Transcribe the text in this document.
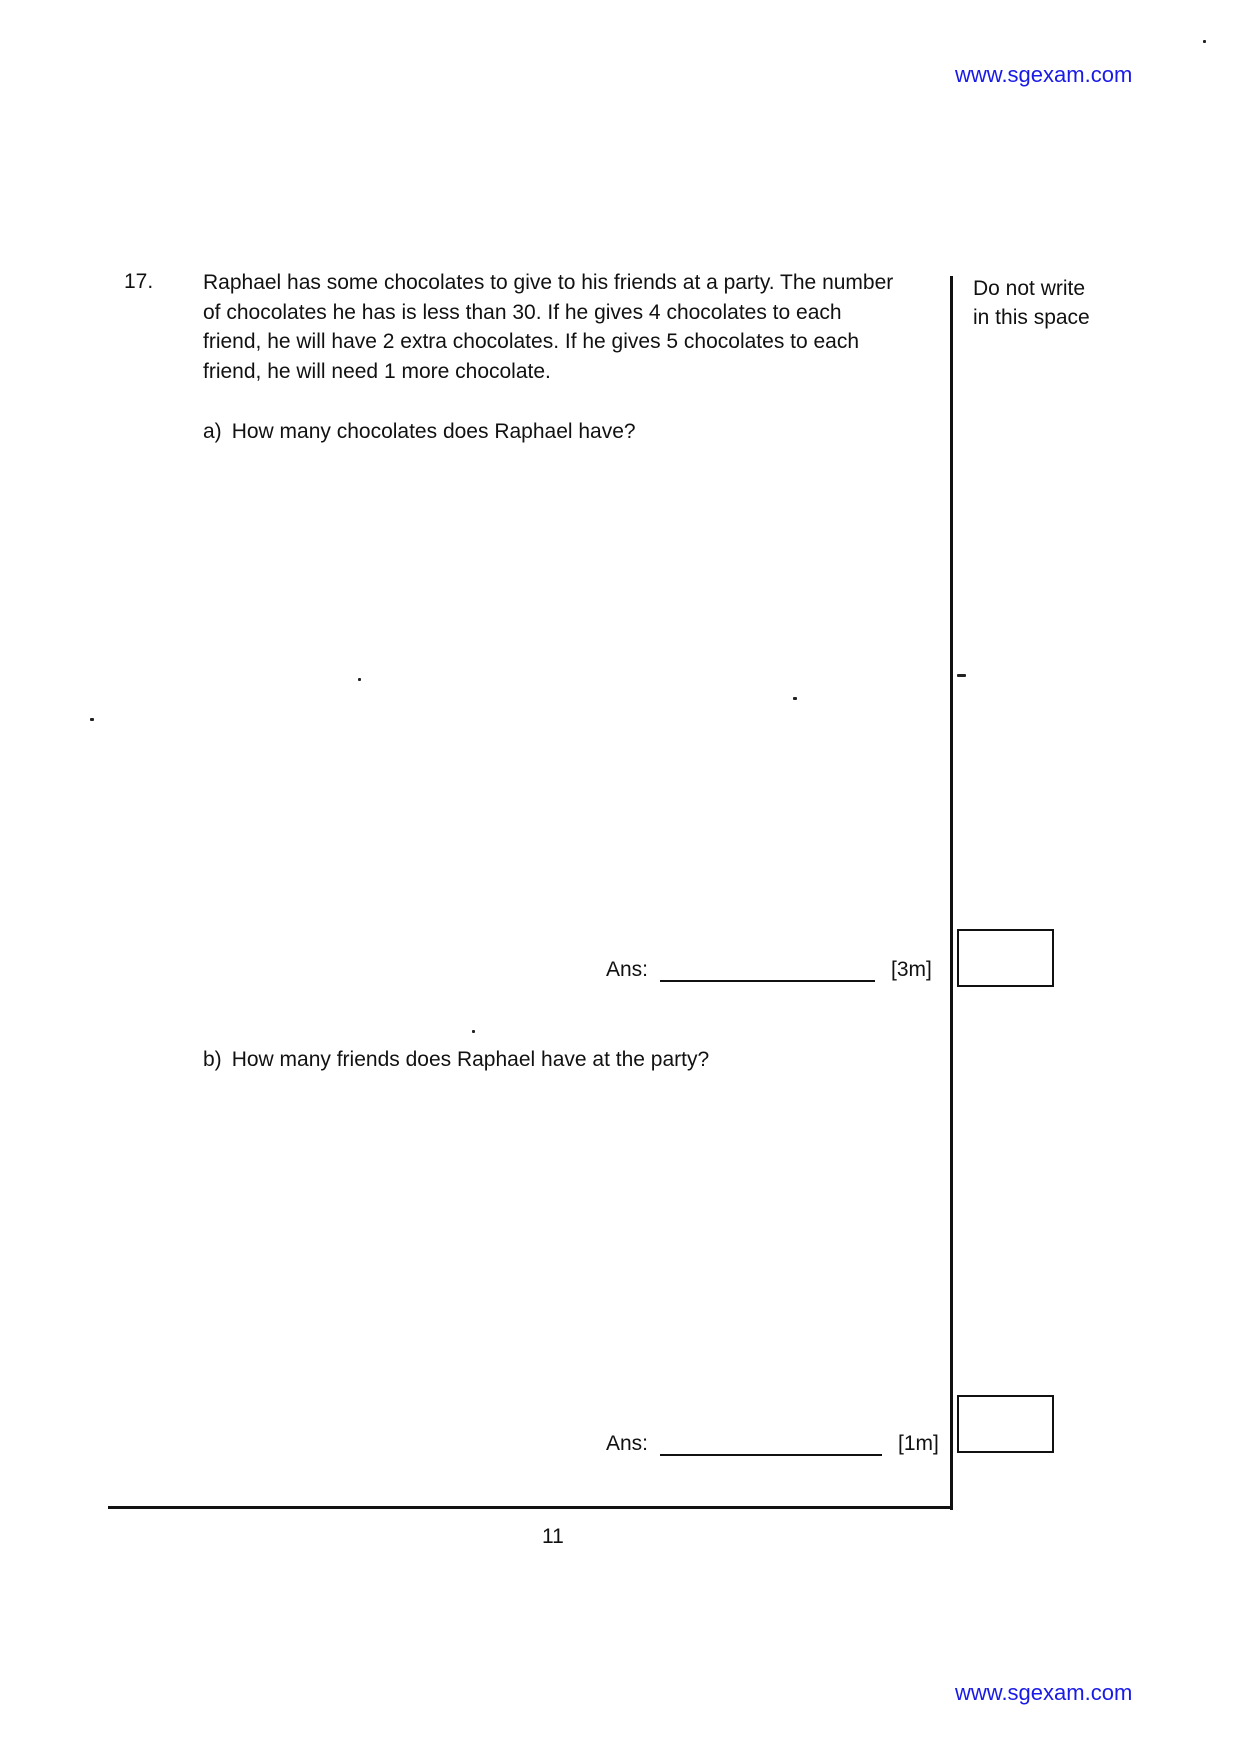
www.sgexam.com
17. Raphael has some chocolates to give to his friends at a party. The number

of chocolates he has is less than 30. If he gives 4 chocolates to each

friend, he will have 2 extra chocolates. If he gives 5 chocolates to each

friend, he will need 1 more chocolate.

Do not write
in this space
a) How many chocolates does Raphael have?
Ans:	[3m]
b) How many friends does Raphael have at the party?
Ans:	[1m]
11
www.sgexam.com
